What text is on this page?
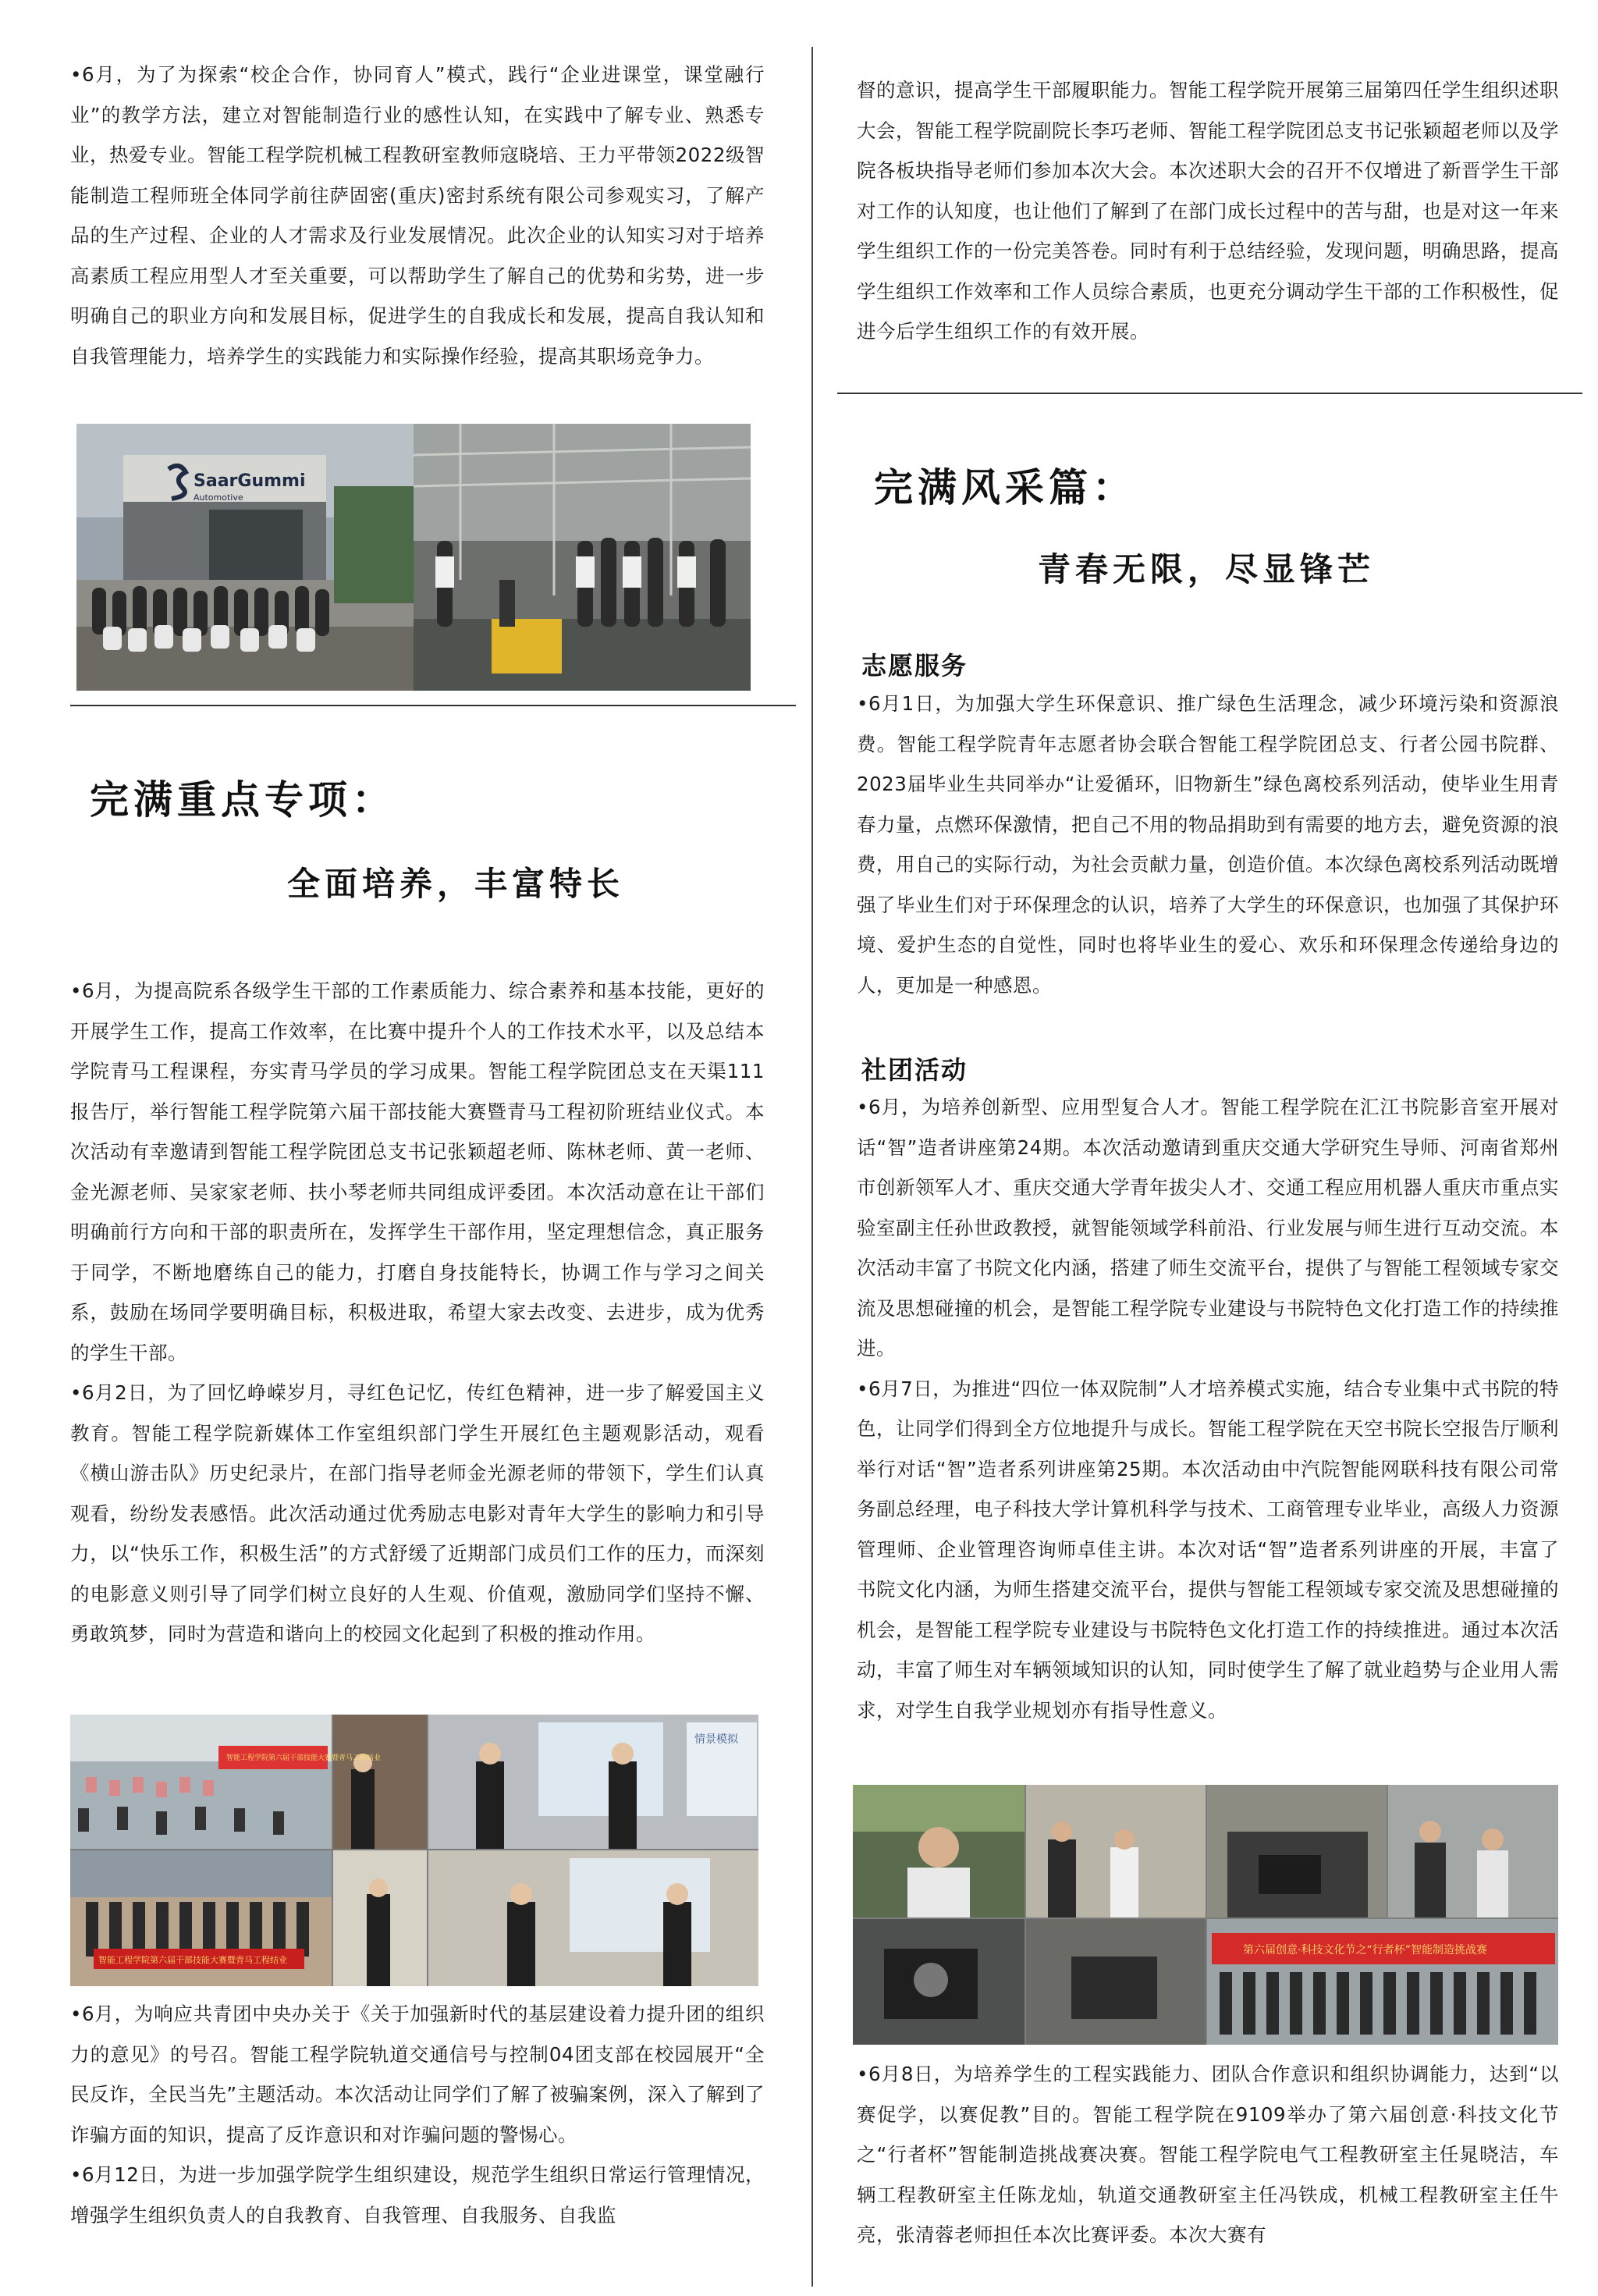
•6月，为了为探索“校企合作，协同育人”模式，践行“企业进课堂，课堂融行业”的教学方法，建立对智能制造行业的感性认知，在实践中了解专业、熟悉专业，热爱专业。智能工程学院机械工程教研室教师寇晓培、王力平带领2022级智能制造工程师班全体同学前往萨固密(重庆)密封系统有限公司参观实习，了解产品的生产过程、企业的人才需求及行业发展情况。此次企业的认知实习对于培养高素质工程应用型人才至关重要，可以帮助学生了解自己的优势和劣势，进一步明确自己的职业方向和发展目标，促进学生的自我成长和发展，提高自我认知和自我管理能力，培养学生的实践能力和实际操作经验，提高其职场竞争力。

SaarGummi
Automotive
完满重点专项：
全面培养，丰富特长

•6月，为提高院系各级学生干部的工作素质能力、综合素养和基本技能，更好的开展学生工作，提高工作效率，在比赛中提升个人的工作技术水平，以及总结本学院青马工程课程，夯实青马学员的学习成果。智能工程学院团总支在天渠111报告厅，举行智能工程学院第六届干部技能大赛暨青马工程初阶班结业仪式。本次活动有幸邀请到智能工程学院团总支书记张颖超老师、陈林老师、黄一老师、金光源老师、吴家家老师、扶小琴老师共同组成评委团。本次活动意在让干部们明确前行方向和干部的职责所在，发挥学生干部作用，坚定理想信念，真正服务于同学，不断地磨练自己的能力，打磨自身技能特长，协调工作与学习之间关系，鼓励在场同学要明确目标，积极进取，希望大家去改变、去进步，成为优秀的学生干部。

•6月2日，为了回忆峥嵘岁月，寻红色记忆，传红色精神，进一步了解爱国主义教育。智能工程学院新媒体工作室组织部门学生开展红色主题观影活动，观看《横山游击队》历史纪录片，在部门指导老师金光源老师的带领下，学生们认真观看，纷纷发表感悟。此次活动通过优秀励志电影对青年大学生的影响力和引导力，以“快乐工作，积极生活”的方式舒缓了近期部门成员们工作的压力，而深刻的电影意义则引导了同学们树立良好的人生观、价值观，激励同学们坚持不懈、勇敢筑梦，同时为营造和谐向上的校园文化起到了积极的推动作用。

情景模拟
智能工程学院第六届干部技能大赛暨青马工程结业
智能工程学院第六届干部技能大赛暨青马工程结业

•6月，为响应共青团中央办关于《关于加强新时代的基层建设着力提升团的组织力的意见》的号召。智能工程学院轨道交通信号与控制04团支部在校园展开“全民反诈，全民当先”主题活动。本次活动让同学们了解了被骗案例，深入了解到了诈骗方面的知识，提高了反诈意识和对诈骗问题的警惕心。

•6月12日，为进一步加强学院学生组织建设，规范学生组织日常运行管理情况，增强学生组织负责人的自我教育、自我管理、自我服务、自我监

督的意识，提高学生干部履职能力。智能工程学院开展第三届第四任学生组织述职大会，智能工程学院副院长李巧老师、智能工程学院团总支书记张颖超老师以及学院各板块指导老师们参加本次大会。本次述职大会的召开不仅增进了新晋学生干部对工作的认知度，也让他们了解到了在部门成长过程中的苦与甜，也是对这一年来学生组织工作的一份完美答卷。同时有利于总结经验，发现问题，明确思路，提高学生组织工作效率和工作人员综合素质，也更充分调动学生干部的工作积极性，促进今后学生组织工作的有效开展。

完满风采篇：
青春无限，尽显锋芒
志愿服务

•6月1日，为加强大学生环保意识、推广绿色生活理念，减少环境污染和资源浪费。智能工程学院青年志愿者协会联合智能工程学院团总支、行者公园书院群、2023届毕业生共同举办“让爱循环，旧物新生”绿色离校系列活动，使毕业生用青春力量，点燃环保激情，把自己不用的物品捐助到有需要的地方去，避免资源的浪费，用自己的实际行动，为社会贡献力量，创造价值。本次绿色离校系列活动既增强了毕业生们对于环保理念的认识，培养了大学生的环保意识，也加强了其保护环境、爱护生态的自觉性，同时也将毕业生的爱心、欢乐和环保理念传递给身边的人，更加是一种感恩。

社团活动

•6月，为培养创新型、应用型复合人才。智能工程学院在汇江书院影音室开展对话“智”造者讲座第24期。本次活动邀请到重庆交通大学研究生导师、河南省郑州市创新领军人才、重庆交通大学青年拔尖人才、交通工程应用机器人重庆市重点实验室副主任孙世政教授，就智能领域学科前沿、行业发展与师生进行互动交流。本次活动丰富了书院文化内涵，搭建了师生交流平台，提供了与智能工程领域专家交流及思想碰撞的机会，是智能工程学院专业建设与书院特色文化打造工作的持续推进。

•6月7日，为推进“四位一体双院制”人才培养模式实施，结合专业集中式书院的特色，让同学们得到全方位地提升与成长。智能工程学院在天空书院长空报告厅顺利举行对话“智”造者系列讲座第25期。本次活动由中汽院智能网联科技有限公司常务副总经理，电子科技大学计算机科学与技术、工商管理专业毕业，高级人力资源管理师、企业管理咨询师卓佳主讲。本次对话“智”造者系列讲座的开展，丰富了书院文化内涵，为师生搭建交流平台，提供与智能工程领域专家交流及思想碰撞的机会，是智能工程学院专业建设与书院特色文化打造工作的持续推进。通过本次活动，丰富了师生对车辆领域知识的认知，同时使学生了解了就业趋势与企业用人需求，对学生自我学业规划亦有指导性意义。

第六届创意·科技文化节之“行者杯”智能制造挑战赛

•6月8日，为培养学生的工程实践能力、团队合作意识和组织协调能力，达到“以赛促学，以赛促教”目的。智能工程学院在9109举办了第六届创意·科技文化节之“行者杯”智能制造挑战赛决赛。智能工程学院电气工程教研室主任晁晓洁，车辆工程教研室主任陈龙灿，轨道交通教研室主任冯铁成，机械工程教研室主任牛亮，张清蓉老师担任本次比赛评委。本次大赛有
